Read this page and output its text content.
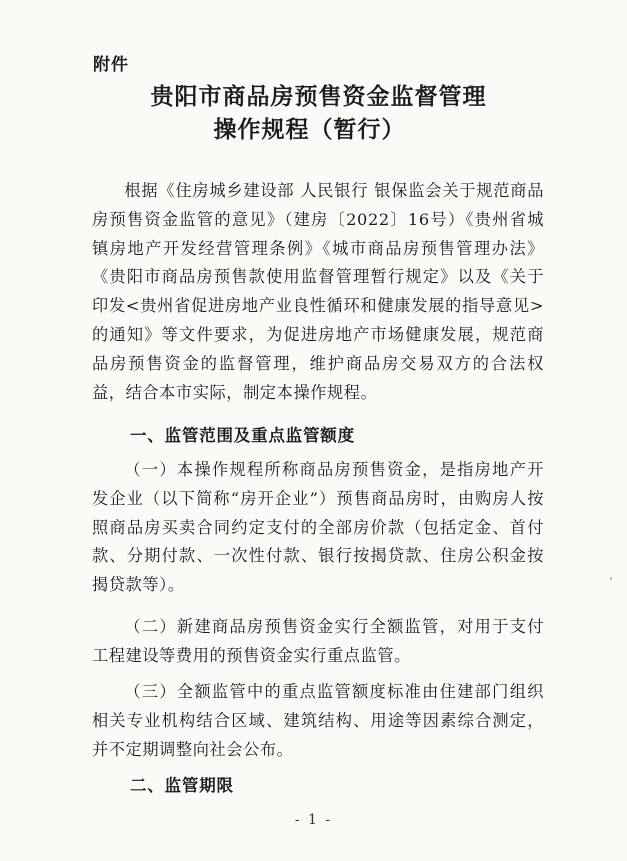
附件
贵阳市商品房预售资金监督管理
操作规程（暂行）

根据《住房城乡建设部 人民银行 银保监会关于规范商品房预售资金监管的意见》（建房〔2022〕16号）《贵州省城镇房地产开发经营管理条例》《城市商品房预售管理办法》《贵阳市商品房预售款使用监督管理暂行规定》以及《关于印发<贵州省促进房地产业良性循环和健康发展的指导意见>的通知》等文件要求，为促进房地产市场健康发展，规范商品房预售资金的监督管理，维护商品房交易双方的合法权益，结合本市实际，制定本操作规程。

一、监管范围及重点监管额度

（一）本操作规程所称商品房预售资金，是指房地产开发企业（以下简称“房开企业”）预售商品房时，由购房人按照商品房买卖合同约定支付的全部房价款（包括定金、首付款、分期付款、一次性付款、银行按揭贷款、住房公积金按揭贷款等）。

（二）新建商品房预售资金实行全额监管，对用于支付工程建设等费用的预售资金实行重点监管。

（三）全额监管中的重点监管额度标准由住建部门组织相关专业机构结合区域、建筑结构、用途等因素综合测定，并不定期调整向社会公布。

二、监管期限
- 1 -
